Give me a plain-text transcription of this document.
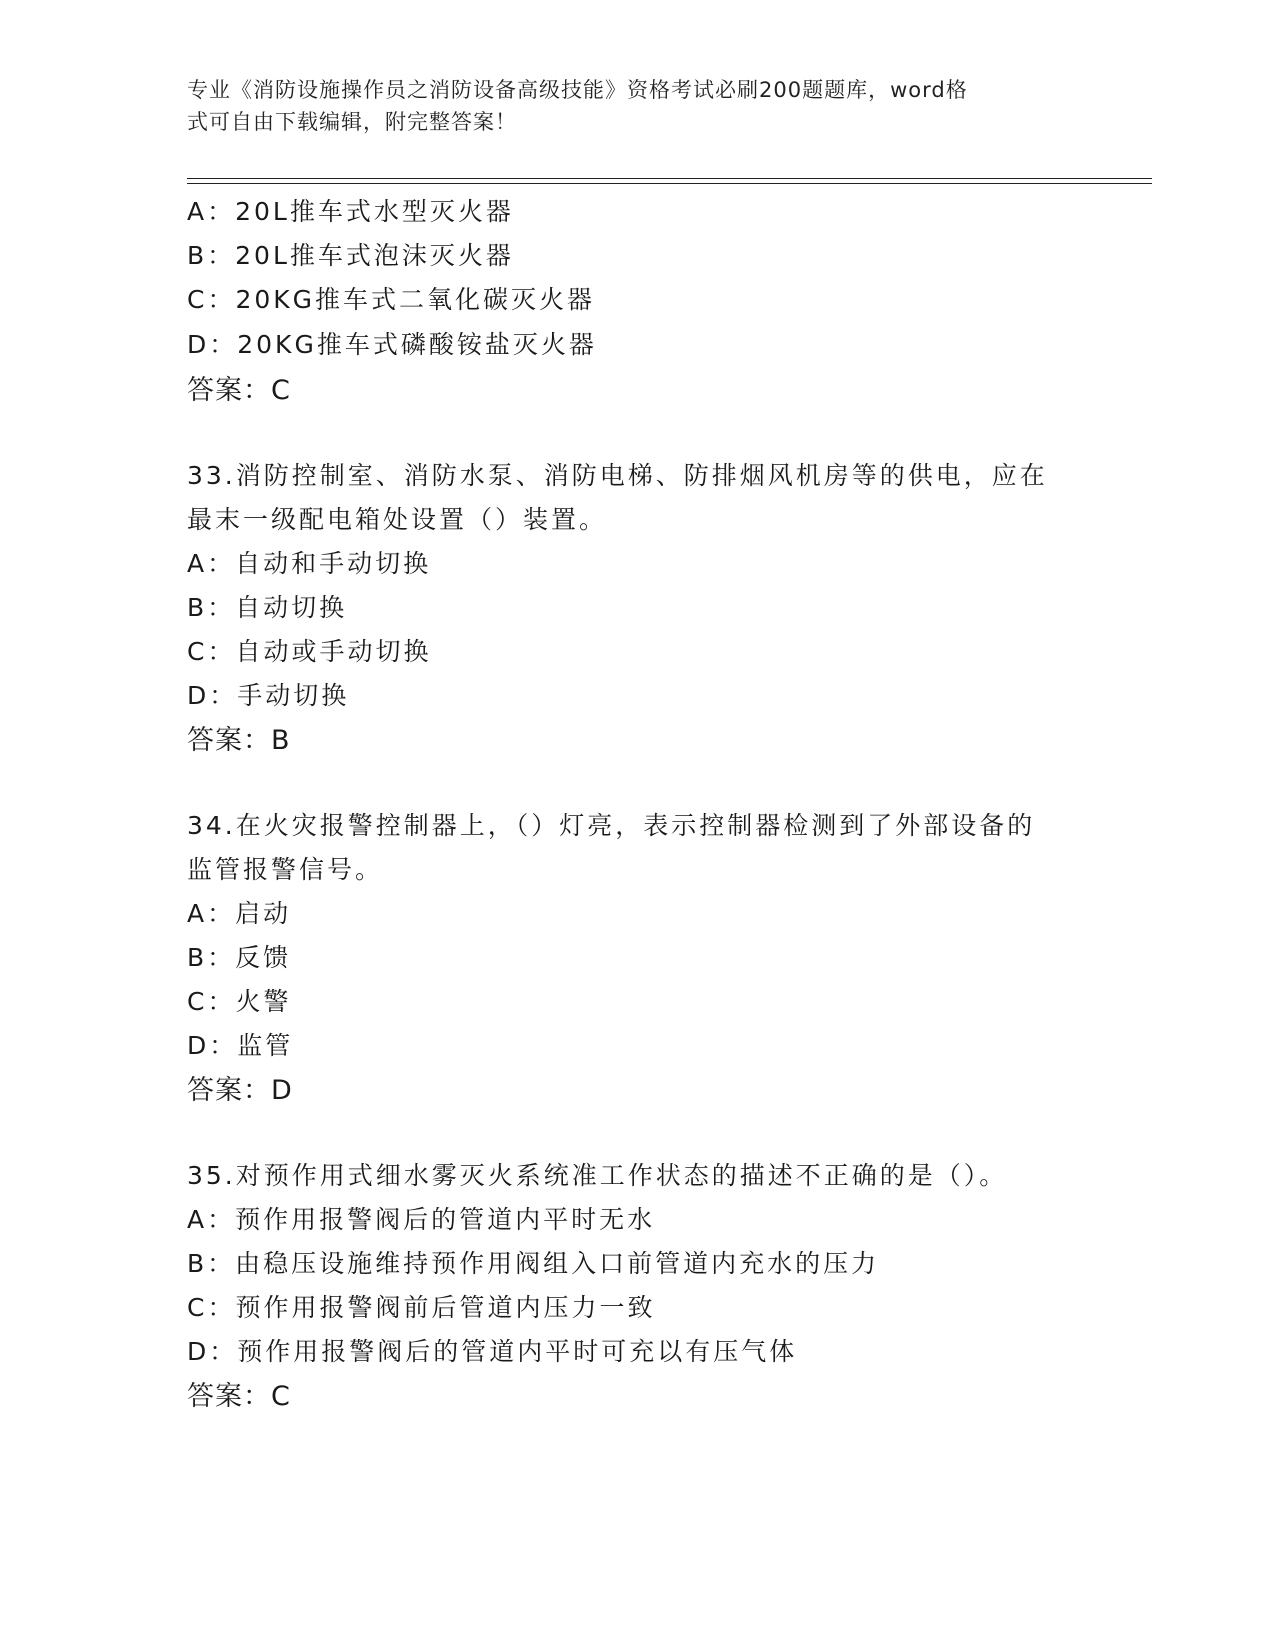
专业《消防设施操作员之消防设备高级技能》资格考试必刷200题题库，word格
式可自由下载编辑，附完整答案！
A：20L推车式水型灭火器
B：20L推车式泡沫灭火器
C：20KG推车式二氧化碳灭火器
D：20KG推车式磷酸铵盐灭火器
答案：C
33.消防控制室、消防水泵、消防电梯、防排烟风机房等的供电，应在
最末一级配电箱处设置（）装置。
A：自动和手动切换
B：自动切换
C：自动或手动切换
D：手动切换
答案：B
34.在火灾报警控制器上，（）灯亮，表示控制器检测到了外部设备的
监管报警信号。
A：启动
B：反馈
C：火警
D：监管
答案：D
35.对预作用式细水雾灭火系统准工作状态的描述不正确的是（）。
A：预作用报警阀后的管道内平时无水
B：由稳压设施维持预作用阀组入口前管道内充水的压力
C：预作用报警阀前后管道内压力一致
D：预作用报警阀后的管道内平时可充以有压气体
答案：C
